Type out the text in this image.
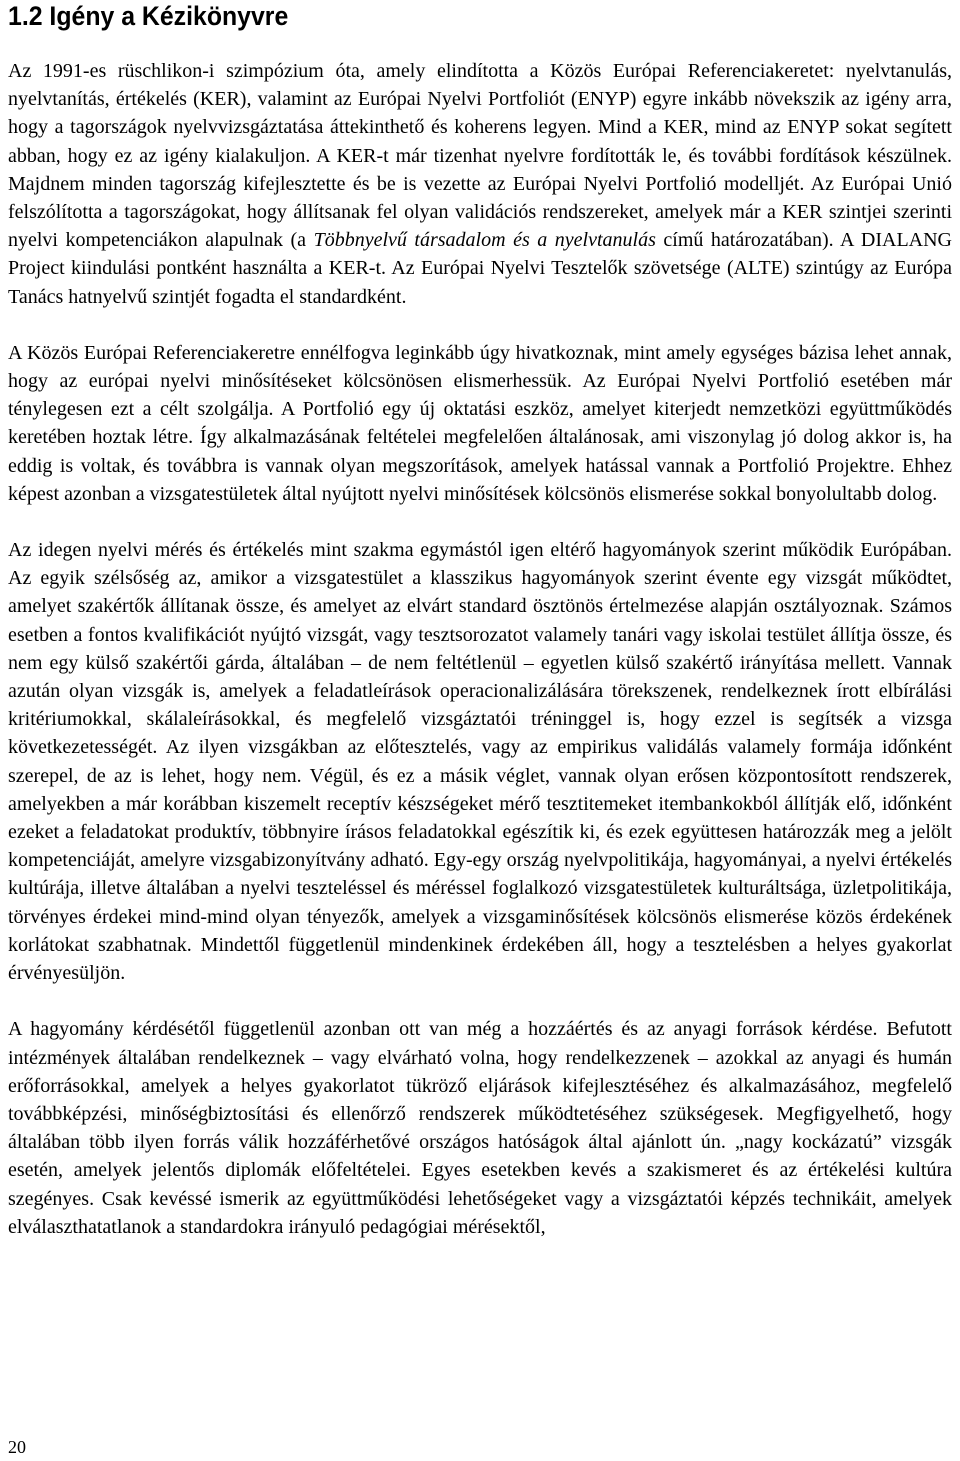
1.2 Igény a Kézikönyvre
Az 1991-es rüschlikon-i szimpózium óta, amely elindította a Közös Európai Referenciakeretet: nyelvtanulás, nyelvtanítás, értékelés (KER), valamint az Európai Nyelvi Portfoliót (ENYP) egyre inkább növekszik az igény arra, hogy a tagországok nyelvvizsgáztatása áttekinthető és koherens legyen. Mind a KER, mind az ENYP sokat segített abban, hogy ez az igény kialakuljon. A KER-t már tizenhat nyelvre fordították le, és további fordítások készülnek. Majdnem minden tagország kifejlesztette és be is vezette az Európai Nyelvi Portfolió modelljét. Az Európai Unió felszólította a tagországokat, hogy állítsanak fel olyan validációs rendszereket, amelyek már a KER szintjei szerinti nyelvi kompetenciákon alapulnak (a Többnyelvű társadalom és a nyelvtanulás című határozatában). A DIALANG Project kiindulási pontként használta a KER-t. Az Európai Nyelvi Tesztelők szövetsége (ALTE) szintúgy az Európa Tanács hatnyelvű szintjét fogadta el standardként.
A Közös Európai Referenciakeretre ennélfogva leginkább úgy hivatkoznak, mint amely egységes bázisa lehet annak, hogy az európai nyelvi minősítéseket kölcsönösen elismerhessük. Az Európai Nyelvi Portfolió esetében már ténylegesen ezt a célt szolgálja. A Portfolió egy új oktatási eszköz, amelyet kiterjedt nemzetközi együttműködés keretében hoztak létre. Így alkalmazásának feltételei megfelelően általánosak, ami viszonylag jó dolog akkor is, ha eddig is voltak, és továbbra is vannak olyan megszorítások, amelyek hatással vannak a Portfolió Projektre. Ehhez képest azonban a vizsgatestületek által nyújtott nyelvi minősítések kölcsönös elismerése sokkal bonyolultabb dolog.
Az idegen nyelvi mérés és értékelés mint szakma egymástól igen eltérő hagyományok szerint működik Európában. Az egyik szélsőség az, amikor a vizsgatestület a klasszikus hagyományok szerint évente egy vizsgát működtet, amelyet szakértők állítanak össze, és amelyet az elvárt standard ösztönös értelmezése alapján osztályoznak. Számos esetben a fontos kvalifikációt nyújtó vizsgát, vagy tesztsorozatot valamely tanári vagy iskolai testület állítja össze, és nem egy külső szakértői gárda, általában – de nem feltétlenül – egyetlen külső szakértő irányítása mellett. Vannak azután olyan vizsgák is, amelyek a feladatleírások operacionalizálására törekszenek, rendelkeznek írott elbírálási kritériumokkal, skálaleírásokkal, és megfelelő vizsgáztatói tréninggel is, hogy ezzel is segítsék a vizsga következetességét. Az ilyen vizsgákban az előtesztelés, vagy az empirikus validálás valamely formája időnként szerepel, de az is lehet, hogy nem. Végül, és ez a másik véglet, vannak olyan erősen központosított rendszerek, amelyekben a már korábban kiszemelt receptív készségeket mérő tesztitemeket itembankokból állítják elő, időnként ezeket a feladatokat produktív, többnyire írásos feladatokkal egészítik ki, és ezek együttesen határozzák meg a jelölt kompetenciáját, amelyre vizsgabizonyítvány adható. Egy-egy ország nyelvpolitikája, hagyományai, a nyelvi értékelés kultúrája, illetve általában a nyelvi teszteléssel és méréssel foglalkozó vizsgatestületek kulturáltsága, üzletpolitikája, törvényes érdekei mind-mind olyan tényezők, amelyek a vizsgaminősítések kölcsönös elismerése közös érdekének korlátokat szabhatnak. Mindettől függetlenül mindenkinek érdekében áll, hogy a tesztelésben a helyes gyakorlat érvényesüljön.
A hagyomány kérdésétől függetlenül azonban ott van még a hozzáértés és az anyagi források kérdése. Befutott intézmények általában rendelkeznek – vagy elvárható volna, hogy rendelkezzenek – azokkal az anyagi és humán erőforrásokkal, amelyek a helyes gyakorlatot tükröző eljárások kifejlesztéséhez és alkalmazásához, megfelelő továbbképzési, minőségbiztosítási és ellenőrző rendszerek működtetéséhez szükségesek. Megfigyelhető, hogy általában több ilyen forrás válik hozzáférhetővé országos hatóságok által ajánlott ún. „nagy kockázatú” vizsgák esetén, amelyek jelentős diplomák előfeltételei. Egyes esetekben kevés a szakismeret és az értékelési kultúra szegényes. Csak kevéssé ismerik az együttműködési lehetőségeket vagy a vizsgáztatói képzés technikáit, amelyek elválaszthatatlanok a standardokra irányuló pedagógiai mérésektől,
20
